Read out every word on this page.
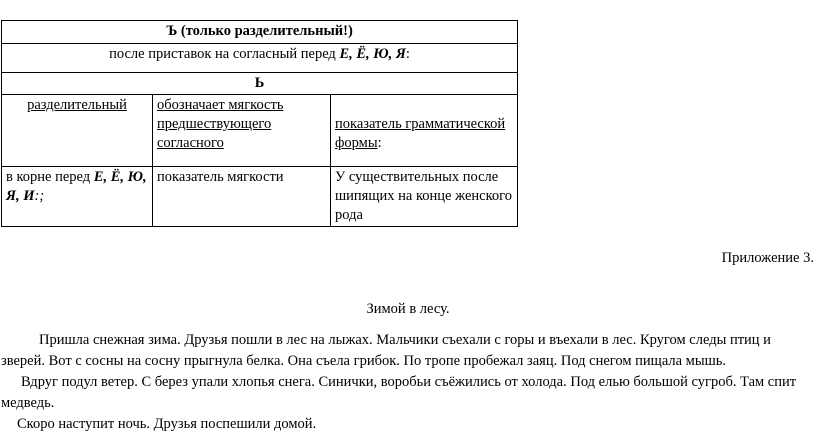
Ъ (только разделительный!)		
после приставок на согласный перед Е, Ё, Ю, Я:		
Ь		
разделительный	обозначает мягкость предшествующего согласного	показатель грамматической формы:

в корне перед Е, Ё, Ю, Я, И:;	показатель мягкости	У существительных после шипящих на конце женского рода
Приложение 3.
Зимой в лесу.

Пришла снежная зима. Друзья пошли в лес на лыжах. Мальчики съехали с горы и въехали в лес. Кругом следы птиц и зверей. Вот с сосны на сосну прыгнула белка. Она съела грибок. По тропе пробежал заяц. Под снегом пищала мышь.

Вдруг подул ветер. С берез упали хлопья снега. Синички, воробьи съёжились от холода. Под елью большой сугроб. Там спит медведь.

Скоро наступит ночь. Друзья поспешили домой.
